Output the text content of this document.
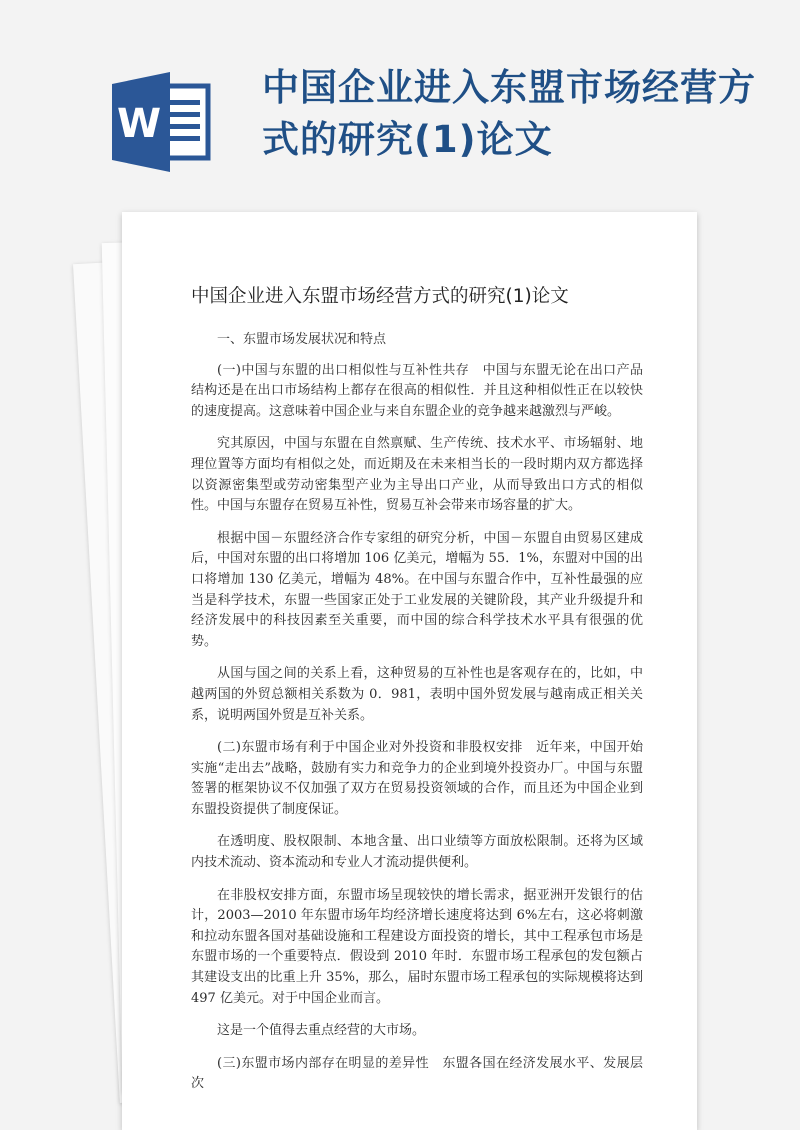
W
中国企业进入东盟市场经营方式的研究(1)论文
中国企业进入东盟市场经营方式的研究(1)论文

一、东盟市场发展状况和特点

(一)中国与东盟的出口相似性与互补性共存　中国与东盟无论在出口产品结构还是在出口市场结构上都存在很高的相似性．并且这种相似性正在以较快的速度提高。这意味着中国企业与来自东盟企业的竞争越来越激烈与严峻。

究其原因，中国与东盟在自然禀赋、生产传统、技术水平、市场辐射、地理位置等方面均有相似之处，而近期及在未来相当长的一段时期内双方都选择以资源密集型或劳动密集型产业为主导出口产业，从而导致出口方式的相似性。中国与东盟存在贸易互补性，贸易互补会带来市场容量的扩大。

根据中国－东盟经济合作专家组的研究分析，中国－东盟自由贸易区建成后，中国对东盟的出口将增加 106 亿美元，增幅为 55．1%，东盟对中国的出口将增加 130 亿美元，增幅为 48%。在中国与东盟合作中，互补性最强的应当是科学技术，东盟一些国家正处于工业发展的关键阶段，其产业升级提升和经济发展中的科技因素至关重要，而中国的综合科学技术水平具有很强的优势。

从国与国之间的关系上看，这种贸易的互补性也是客观存在的，比如，中越两国的外贸总额相关系数为 0．981，表明中国外贸发展与越南成正相关关系，说明两国外贸是互补关系。

(二)东盟市场有利于中国企业对外投资和非股权安排　近年来，中国开始实施“走出去”战略，鼓励有实力和竞争力的企业到境外投资办厂。中国与东盟签署的框架协议不仅加强了双方在贸易投资领域的合作，而且还为中国企业到东盟投资提供了制度保证。

在透明度、股权限制、本地含量、出口业绩等方面放松限制。还将为区域内技术流动、资本流动和专业人才流动提供便利。

在非股权安排方面，东盟市场呈现较快的增长需求，据亚洲开发银行的估计，2003—2010 年东盟市场年均经济增长速度将达到 6%左右，这必将刺激和拉动东盟各国对基础设施和工程建设方面投资的增长，其中工程承包市场是东盟市场的一个重要特点．假设到 2010 年时．东盟市场工程承包的发包额占其建设支出的比重上升 35%，那么，届时东盟市场工程承包的实际规模将达到 497 亿美元。对于中国企业而言。

这是一个值得去重点经营的大市场。

(三)东盟市场内部存在明显的差异性　东盟各国在经济发展水平、发展层次
